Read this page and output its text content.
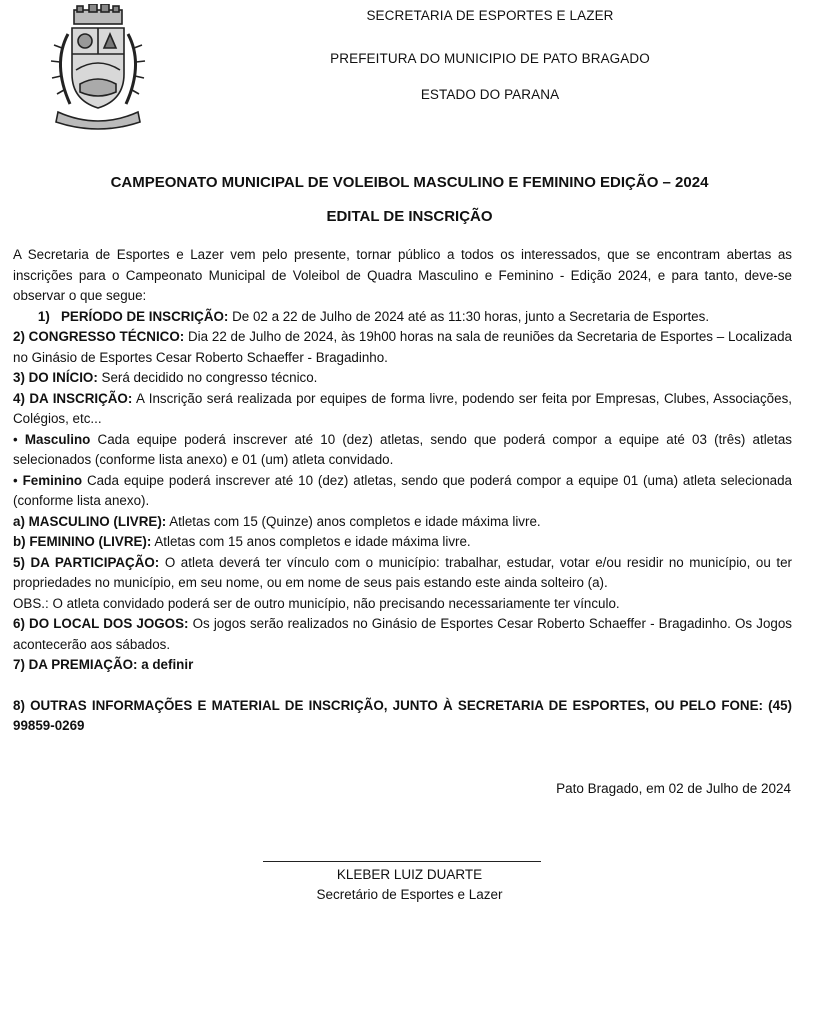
SECRETARIA DE ESPORTES E LAZER
PREFEITURA DO MUNICIPIO DE PATO BRAGADO
ESTADO DO PARANA
CAMPEONATO MUNICIPAL DE VOLEIBOL MASCULINO E FEMININO EDIÇÃO – 2024
EDITAL DE INSCRIÇÃO

A Secretaria de Esportes e Lazer vem pelo presente, tornar público a todos os interessados, que se encontram abertas as inscrições para o Campeonato Municipal de Voleibol de Quadra Masculino e Feminino - Edição 2024, e para tanto, deve-se observar o que segue:

1) PERÍODO DE INSCRIÇÃO: De 02 a 22 de Julho de 2024 até as 11:30 horas, junto a Secretaria de Esportes.

2) CONGRESSO TÉCNICO: Dia 22 de Julho de 2024, às 19h00 horas na sala de reuniões da Secretaria de Esportes – Localizada no Ginásio de Esportes Cesar Roberto Schaeffer - Bragadinho.

3) DO INÍCIO: Será decidido no congresso técnico.

4) DA INSCRIÇÃO: A Inscrição será realizada por equipes de forma livre, podendo ser feita por Empresas, Clubes, Associações, Colégios, etc...

• Masculino Cada equipe poderá inscrever até 10 (dez) atletas, sendo que poderá compor a equipe até 03 (três) atletas selecionados (conforme lista anexo) e 01 (um) atleta convidado.

• Feminino Cada equipe poderá inscrever até 10 (dez) atletas, sendo que poderá compor a equipe 01 (uma) atleta selecionada (conforme lista anexo).

a) MASCULINO (LIVRE): Atletas com 15 (Quinze) anos completos e idade máxima livre.

b) FEMININO (LIVRE): Atletas com 15 anos completos e idade máxima livre.

5) DA PARTICIPAÇÃO: O atleta deverá ter vínculo com o município: trabalhar, estudar, votar e/ou residir no município, ou ter propriedades no município, em seu nome, ou em nome de seus pais estando este ainda solteiro (a).

OBS.: O atleta convidado poderá ser de outro município, não precisando necessariamente ter vínculo.

6) DO LOCAL DOS JOGOS: Os jogos serão realizados no Ginásio de Esportes Cesar Roberto Schaeffer - Bragadinho. Os Jogos acontecerão aos sábados.

7) DA PREMIAÇÃO: a definir

8) OUTRAS INFORMAÇÕES E MATERIAL DE INSCRIÇÃO, JUNTO À SECRETARIA DE ESPORTES, OU PELO FONE: (45) 99859-0269

Pato Bragado, em 02 de Julho de 2024
KLEBER LUIZ DUARTE
Secretário de Esportes e Lazer
